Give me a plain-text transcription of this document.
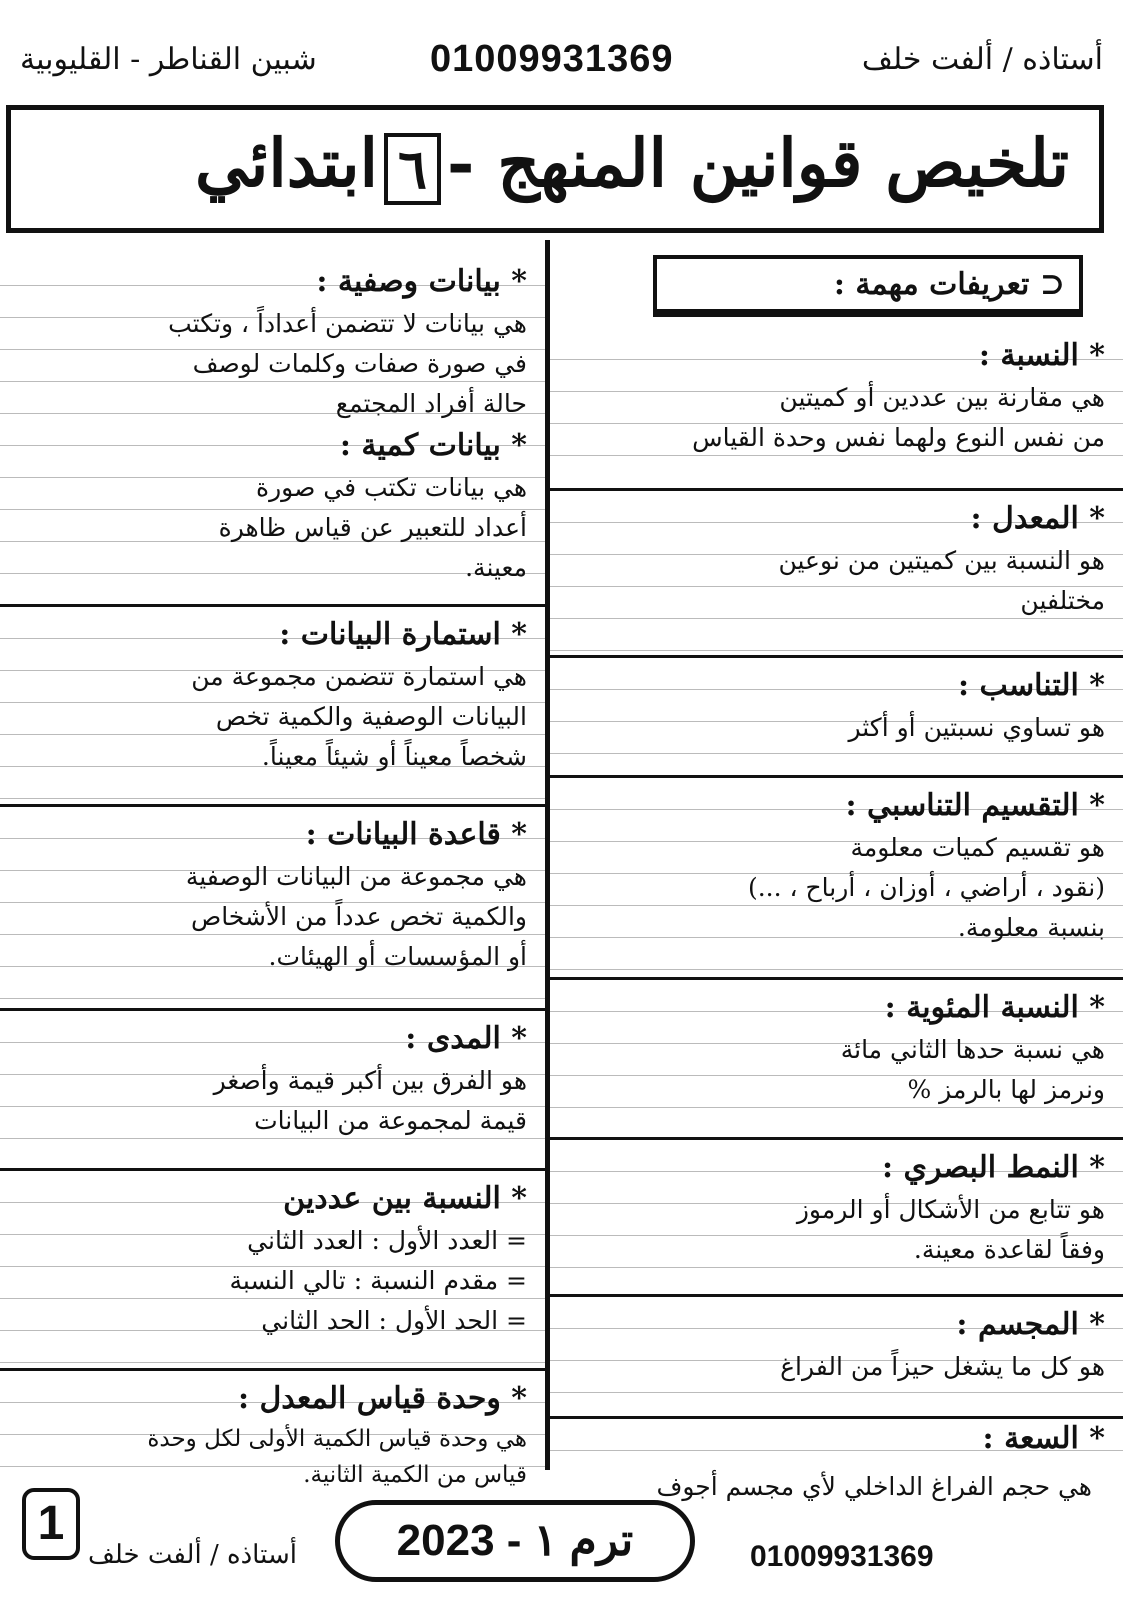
أستاذه / ألفت خلف
01009931369
شبين القناطر - القليوبية
تلخيص قوانين المنهج -٦ابتدائي
* النسبة :
هي مقارنة بين عددين أو كميتين
من نفس النوع ولهما نفس وحدة القياس
* المعدل :
هو النسبة بين كميتين من نوعين
مختلفين
* التناسب :
هو تساوي نسبتين أو أكثر
* التقسيم التناسبي :
هو تقسيم كميات معلومة
(نقود ، أراضي ، أوزان ، أرباح ، ...)
بنسبة معلومة.
* النسبة المئوية :
هي نسبة حدها الثاني مائة
ونرمز لها بالرمز %
* النمط البصري :
هو تتابع من الأشكال أو الرموز
وفقاً لقاعدة معينة.
* المجسم :
هو كل ما يشغل حيزاً من الفراغ
* السعة :
هي حجم الفراغ الداخلي لأي مجسم أجوف
⊂ تعريفات مهمة :
* بيانات وصفية :
هي بيانات لا تتضمن أعداداً ، وتكتب
في صورة صفات وكلمات لوصف
حالة أفراد المجتمع
* بيانات كمية :
هي بيانات تكتب في صورة
أعداد للتعبير عن قياس ظاهرة
معينة.
* استمارة البيانات :
هي استمارة تتضمن مجموعة من
البيانات الوصفية والكمية تخص
شخصاً معيناً أو شيئاً معيناً.
* قاعدة البيانات :
هي مجموعة من البيانات الوصفية
والكمية تخص عدداً من الأشخاص
أو المؤسسات أو الهيئات.
* المدى :
هو الفرق بين أكبر قيمة وأصغر
قيمة لمجموعة من البيانات
* النسبة بين عددين
= العدد الأول : العدد الثاني
= مقدم النسبة : تالي النسبة
= الحد الأول : الحد الثاني
* وحدة قياس المعدل :
هي وحدة قياس الكمية الأولى لكل وحدة
قياس من الكمية الثانية.
1
أستاذه / ألفت خلف	ترم ١ - 2023	01009931369
